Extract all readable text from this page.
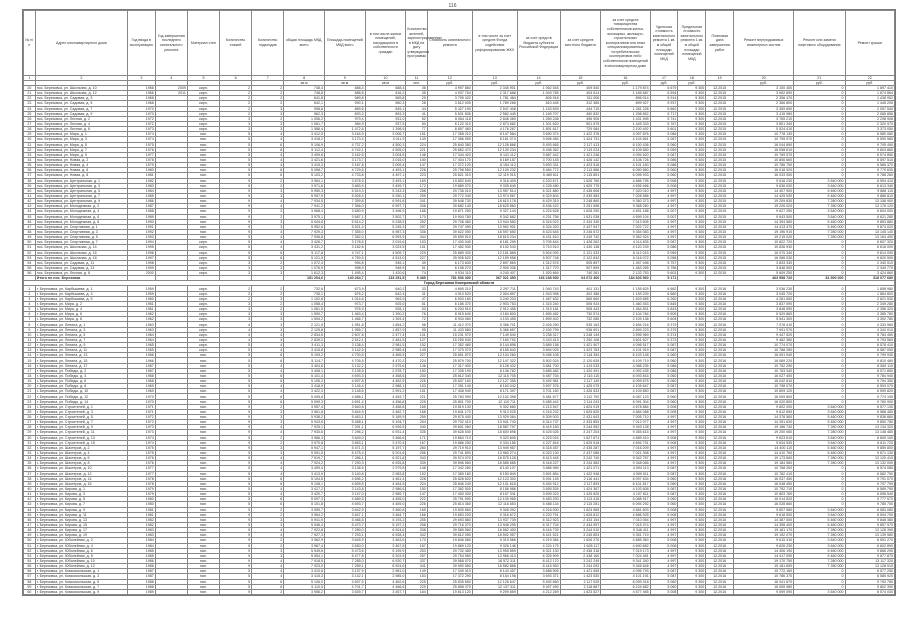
116
№ п/п	Адрес многоквартирного дома	Год ввода в эксплуатацию	Год завершения последнего капитального ремонта	Материал стен	Количество этажей	Количество подъездов	общая площадь МКД, всего	Площадь помещений МКД всего	в том числе жилых помещений, находящихся в собственности граждан	Количество жителей, зарегистрированных в МКД на дату утверждения программы	Стоимость капитального ремонта	в том числе за счет средств Фонда содействия реформированию ЖКХ	за счет средств бюджета субъекта Российской Федерации	за счет средств местного бюджета	за счет средств товарищества собственников жилья, жилищных, жилищно-строительных кооперативов или иных специализированных потребительских кооперативов либо собственников помещений в многоквартирном доме	Удельная стоимость капитального ремонта 1 кв. м общей площади помещений МКД	Предельная стоимость капитального ремонта 1 кв. м общей площади помещений МКД	Плановая дата завершения работ	Ремонт внутридомовых инженерных систем	Ремонт или замена лифтового оборудования	Ремонт крыши
1	2	3	4	5	6	7	8	9	10	11	12	13	14	15	16	17	18	19	20	21	22
							кв.м	кв.м	кв.м	чел.	руб.	руб.	руб.	руб.	руб.	руб.	руб.		руб.	руб.	руб.
20	пос. Березовка, ул. Школьная, д. 10	1966	2009	кирп.	2	2	748,4	688,4	688,4	36	4 997 860	2 345 901	1 062 545	409 540	1 179 874	6 679	9 300	12.2015	3 100 450	0	1 897 410
21	пос. Березовка, ул. Школьная, д. 12	1966	2011	кирп.	2	2	748,8	688,8	616,2	35	4 937 754	2 317 688	1 049 765	404 614	1 165 687	6 594	9 300	12.2015	3 062 890	0	1 874 864
22	пос. Березовка, ул. Садовая, д. 3	1968		кирп.	2	2	641,8	589,8	589,8	29	3 795 422	1 781 484	806 918	311 006	896 014	5 914	9 300	12.2015	2 356 470	0	1 438 952
23	пос. Березовка, ул. Садовая, д. 5	1968		кирп.	2	2	642,1	590,1	560,3	28	3 812 005	1 789 268	810 445	312 365	899 927	5 937	9 300	12.2015	2 366 800	0	1 445 205
24	пос. Березовка, ул. Садовая, д. 7	1970		кирп.	2	3	958,6	889,6	845,1	44	5 427 190	2 547 408	1 153 839	444 715	1 281 228	5 662	9 300	12.2015	3 369 650	0	2 057 540
25	пос. Березовка, ул. Садовая, д. 9	1970		кирп.	2	3	962,3	893,3	893,3	41	5 501 836	2 582 445	1 169 707	450 832	1 298 852	5 717	9 300	12.2015	3 415 980	0	2 085 856
26	пос. Березовка, ул. Лесная, д. 2	1972		кирп.	3	2	1 056,2	979,4	931,0	52	6 064 118	2 846 369	1 289 248	496 906	1 431 595	5 741	9 300	12.2015	3 765 210	0	2 298 908
27	пос. Березовка, ул. Лесная, д. 4	1972		кирп.	3	2	1 061,7	984,9	937,5	50	6 122 310	2 873 682	1 301 620	501 675	1 445 333	5 767	9 300	12.2015	3 801 340	0	2 320 970
28	пос. Березовка, ул. Лесная, д. 6	1973		кирп.	3	3	1 588,4	1 472,6	1 398,9	77	8 897 460	4 176 267	1 891 617	729 084	2 100 492	5 601	9 300	12.2015	5 524 410	0	3 373 050
29	пос. Березовка, ул. Мира, д. 1	1974		пан.	5	4	3 412,5	3 164,9	3 006,7	151	17 358 210	8 147 584	3 690 374	1 422 376	4 097 876	5 086	9 300	12.2015	10 778 130	0	6 580 080
30	пос. Березовка, ул. Мира, д. 3	1974		пан.	5	4	3 418,2	3 170,4	3 011,9	149	17 386 950	8 161 074	3 696 484	1 424 731	4 104 661	5 087	9 300	12.2015	10 795 970	0	6 590 980
31	пос. Березовка, ул. Мира, д. 5	1975		пан.	5	6	5 106,9	4 737,2	4 500,3	224	25 840 380	12 128 866	5 493 665	2 117 413	6 100 436	5 060	9 300	12.2015	16 044 890	0	9 795 490
32	пос. Березовка, ул. Мира, д. 7	1976		пан.	5	6	5 112,4	4 742,1	4 505,0	221	25 862 470	12 139 234	5 498 362	2 119 224	6 105 650	5 059	9 300	12.2015	16 058 610	0	9 803 860
33	пос. Березовка, ул. Мира, д. 9	1977		пан.	5	4	3 409,8	3 162,6	3 004,5	148	17 344 420	8 141 112	3 687 442	1 421 246	4 094 620	5 087	9 300	12.2015	10 769 570	0	6 574 850
34	пос. Березовка, ул. Новая, д. 2	1978		пан.	5	4	3 421,6	3 173,7	3 015,0	150	17 404 170	8 169 157	3 700 145	1 426 142	4 108 726	5 086	9 300	12.2015	10 806 660	0	6 597 510
35	пос. Березовка, ул. Новая, д. 4	1979		пан.	5	4	3 415,3	3 167,8	3 009,4	147	17 372 120	8 154 113	3 693 331	1 423 516	4 101 160	5 086	9 300	12.2015	10 786 750	0	6 585 370
36	пос. Березовка, ул. Новая, д. 6	1980		пан.	5	6	5 098,7	4 729,6	4 493,1	226	25 798 550	12 109 232	5 484 772	2 113 986	6 090 560	5 060	9 300	12.2015	16 018 920	0	9 779 630
37	пос. Березовка, ул. Новая, д. 8	1981		пан.	5	6	5 103,2	4 733,8	4 497,1	223	25 821 310	12 119 915	5 489 611	2 115 851	6 095 933	5 060	9 300	12.2015	16 033 050	0	9 788 260
38	пос. Березовка, ул. Центральная, д. 1	1982		пан.	9	2	3 964,1	3 676,9	3 493,1	169	19 852 640	9 318 409	4 220 671	1 626 765	4 686 795	5 008	9 300	12.2015	9 618 230	3 640 000	6 594 410
39	пос. Березовка, ул. Центральная, д. 3	1983		пан.	9	2	3 971,6	3 683,9	3 499,7	172	19 889 370	9 335 649	4 228 480	1 629 775	4 695 466	5 008	9 300	12.2015	9 636 030	3 640 000	6 613 340
40	пос. Березовка, ул. Центральная, д. 5	1984		пан.	9	3	5 950,3	5 519,3	5 243,3	258	29 736 010	13 957 514	6 321 880	2 436 606	7 020 010	4 997	9 300	12.2015	14 407 900	5 460 000	9 868 110
41	пос. Березовка, ул. Центральная, д. 7	1985		пан.	9	3	5 957,9	5 526,4	5 250,1	255	29 772 340	13 974 567	6 329 604	2 439 583	7 028 586	4 997	9 300	12.2015	14 425 530	5 460 000	9 886 810
42	пос. Березовка, ул. Центральная, д. 9	1986		пан.	9	4	7 934,5	7 359,8	6 991,8	341	39 648 730	18 610 178	8 429 319	3 248 860	9 360 373	4 997	9 300	12.2015	19 209 830	7 280 000	13 158 900
43	пос. Березовка, ул. Молодежная, д. 2	1987		пан.	9	4	7 941,2	7 366,0	6 997,7	338	39 682 140	18 625 860	8 436 422	3 251 598	9 368 260	4 997	9 300	12.2015	19 226 020	7 280 000	13 176 120
44	пос. Березовка, ул. Молодежная, д. 4	1988		пан.	9	2	3 968,4	3 680,9	3 496,9	166	19 871 250	9 327 144	4 224 628	1 628 290	4 691 188	5 007	9 300	12.2015	9 627 250	3 640 000	6 604 000
45	пос. Березовка, ул. Молодежная, д. 6	1989		пан.	9	2	3 975,1	3 687,1	3 502,7	170	19 904 780	9 342 882	4 231 756	1 631 038	4 699 104	5 007	9 300	12.2015	9 643 500	3 640 000	6 621 280
46	пос. Березовка, ул. Молодежная, д. 8	1990		пан.	9	3	5 944,8	5 514,2	5 238,5	252	29 708 460	13 944 583	6 316 023	2 434 349	7 013 505	4 997	9 300	12.2015	14 394 580	5 460 000	9 853 880
47	пос. Березовка, ул. Спортивная, д. 1	1991		пан.	9	3	5 952,6	5 521,4	5 245,3	257	29 747 490	13 962 901	6 324 320	2 437 547	7 022 722	4 997	9 300	12.2015	14 413 470	5 460 000	9 874 020
48	пос. Березовка, ул. Спортивная, д. 3	1992		пан.	9	4	7 929,3	7 355,0	6 987,3	336	39 622 050	18 597 650	8 423 645	3 246 672	9 354 083	4 997	9 300	12.2015	19 196 910	7 280 000	13 145 140
49	пос. Березовка, ул. Спортивная, д. 5	1993		пан.	9	4	7 936,8	7 362,0	6 993,9	344	39 659 510	18 615 234	8 431 610	3 249 742	9 362 924	4 997	9 300	12.2015	19 215 020	7 280 000	13 164 490
50	пос. Березовка, ул. Спортивная, д. 7	1994		кирп.	5	4	3 426,7	3 178,5	3 019,6	153	17 430 040	8 181 299	3 705 644	1 428 262	4 114 835	5 087	9 300	12.2015	10 822 720	0	6 607 320
51	пос. Березовка, ул. Школьная, д. 14	1995		кирп.	5	4	3 431,2	3 182,6	3 023,5	151	17 452 930	8 192 043	3 710 510	1 430 138	4 120 239	5 086	9 300	12.2015	10 836 930	0	6 616 000
52	пос. Березовка, ул. Школьная, д. 16	1996		кирп.	5	6	5 117,8	4 747,1	4 509,7	229	25 889 430	12 151 889	5 504 093	2 121 433	6 112 015	5 059	9 300	12.2015	16 075 340	0	9 814 090
53	пос. Березовка, ул. Школьная, д. 18	1997		кирп.	5	6	5 121,5	4 750,5	4 513,0	227	25 906 620	12 159 958	5 507 748	2 122 842	6 116 072	5 058	9 300	12.2015	16 086 030	0	9 820 590
54	пос. Березовка, ул. Садовая, д. 11	1998		кирп.	3	2	1 072,4	994,8	945,1	49	6 173 840	2 897 869	1 312 576	505 897	1 457 498	5 757	9 300	12.2015	3 833 330	0	2 340 510
55	пос. Березовка, ул. Садовая, д. 13	1999		кирп.	3	2	1 076,9	998,9	948,9	51	6 198 270	2 909 336	1 317 770	507 899	1 463 265	5 756	9 300	12.2015	3 848 500	0	2 349 770
56	пос. Березовка, ул. Лесная, д. 8	2000		кирп.	3	3	1 612,3	1 495,4	1 420,6	74	9 034 110	4 240 407	1 920 669	740 281	2 132 753	5 603	9 300	12.2015	5 609 250	0	3 424 860
	Итого по пос. Березовка						151 204,6	140 264,7	133 251,5	6 485	781 936 400	367 021 450	166 238 930	64 072 460	184 603 560	5 171			463 958 720	81 900 000	318 077 680
Город Березовка Кемеровской области																					
1	г. Березовка, ул. Карбышева, д. 1	1959		кирп.	2	2	732,6	673,9	640,2	33	4 895 210	2 297 711	1 040 743	401 131	1 155 625	6 682	9 300	12.2016	3 036 230	0	1 858 980
2	г. Березовка, ул. Карбышева, д. 3	1959		кирп.	2	2	735,1	676,2	642,4	31	4 910 520	2 304 897	1 043 998	402 386	1 159 239	6 680	9 300	12.2016	3 045 720	0	1 864 800
3	г. Березовка, ул. Карбышева, д. 5	1960		кирп.	2	3	1 102,8	1 014,6	963,9	47	6 903 180	3 240 203	1 467 632	565 660	1 629 685	6 260	9 300	12.2016	4 281 650	0	2 621 530
4	г. Березовка, ул. Мира, д. 2	1961		кирп.	3	2	1 058,4	973,7	925,0	51	6 186 370	2 903 753	1 315 240	506 924	1 460 453	5 845	9 300	12.2016	3 837 090	0	2 349 280
5	г. Березовка, ул. Мира, д. 4	1961		кирп.	3	2	1 061,9	976,9	928,1	53	6 204 910	2 912 455	1 319 181	508 443	1 464 831	5 843	9 300	12.2016	3 848 590	0	2 356 320
6	г. Березовка, ул. Мира, д. 6	1962		кирп.	3	3	1 590,7	1 463,4	1 390,2	76	8 915 640	4 184 800	1 895 482	730 574	2 104 784	5 605	9 300	12.2016	5 529 860	0	3 385 780
7	г. Березовка, ул. Мира, д. 8	1962		кирп.	3	3	1 594,2	1 466,7	1 393,4	72	8 934 080	4 193 455	1 899 402	732 085	2 109 138	5 604	9 300	12.2016	5 541 300	0	3 392 780
8	г. Березовка, ул. Ленина, д. 1	1963		кирп.	4	3	2 121,5	1 951,8	1 854,2	98	11 412 370	5 356 701	2 426 290	935 163	2 694 216	5 379	9 300	12.2016	7 078 410	0	4 333 960
9	г. Березовка, ул. Ленина, д. 3	1963		кирп.	4	3	2 125,8	1 955,7	1 857,9	95	11 433 580	5 366 657	2 430 799	936 901	2 699 223	5 379	9 300	12.2016	7 091 570	0	4 342 010
10	г. Березовка, ул. Ленина, д. 5	1964		кирп.	4	4	2 834,6	2 607,8	2 477,4	131	15 231 970	7 149 540	3 238 317	1 248 144	3 595 969	5 374	9 300	12.2016	9 447 520	0	5 784 450
11	г. Березовка, ул. Ленина, д. 7	1964		кирп.	4	4	2 839,2	2 612,1	2 481,5	127	15 255 940	7 160 792	3 243 413	1 250 108	3 601 627	5 373	9 300	12.2016	9 462 380	0	5 793 560
12	г. Березовка, ул. Ленина, д. 9	1965		кирп.	5	4	3 411,3	3 138,4	2 981,5	152	17 352 480	8 144 898	3 689 158	1 421 907	4 096 517	5 087	9 300	12.2016	10 774 070	0	6 578 410
13	г. Березовка, ул. Ленина, д. 11	1965		кирп.	5	4	3 415,8	3 142,5	2 985,4	149	17 375 370	8 155 643	3 694 025	1 423 783	4 101 919	5 087	9 300	12.2016	10 788 280	0	6 587 090
14	г. Березовка, ул. Ленина, д. 13	1966		пан.	5	6	5 109,2	4 700,5	4 465,5	227	25 851 870	12 134 260	5 496 108	2 118 354	6 103 148	5 060	9 300	12.2016	16 051 940	0	9 799 930
15	г. Березовка, ул. Ленина, д. 15	1966		пан.	5	6	5 114,7	4 705,5	4 470,2	224	25 879 700	12 147 322	5 502 024	2 120 635	6 109 719	5 060	9 300	12.2016	16 069 220	0	9 810 480
16	г. Березовка, ул. Ленина, д. 17	1967		пан.	5	4	3 404,6	3 132,2	2 975,6	146	17 317 400	8 128 432	3 681 700	1 419 033	4 088 235	5 086	9 300	12.2016	10 752 290	0	6 565 110
17	г. Березовка, ул. Победы, д. 2	1967		пан.	5	4	3 408,1	3 135,5	2 978,7	150	17 335 190	8 136 782	3 685 482	1 420 491	4 092 435	5 086	9 300	12.2016	10 763 340	0	6 571 850
18	г. Березовка, ул. Победы, д. 4	1968		пан.	5	6	5 101,4	4 693,3	4 458,6	230	25 812 340	12 115 705	5 487 704	2 115 115	6 093 816	5 060	9 300	12.2016	16 027 400	0	9 784 940
19	г. Березовка, ул. Победы, д. 6	1968		пан.	5	6	5 106,3	4 697,8	4 462,9	226	25 837 160	12 127 355	5 492 981	2 117 149	6 099 675	5 060	9 300	12.2016	16 042 810	0	9 794 350
20	г. Березовка, ул. Победы, д. 8	1969		пан.	5	4	3 418,9	3 145,4	2 988,1	153	17 391 140	8 163 042	3 697 376	1 425 075	4 105 647	5 087	9 300	12.2016	10 798 070	0	6 593 070
21	г. Березовка, ул. Победы, д. 10	1969		пан.	5	4	3 422,4	3 148,6	2 991,2	151	17 408 940	8 171 397	3 701 160	1 426 533	4 109 850	5 087	9 300	12.2016	10 809 120	0	6 599 820
22	г. Березовка, ул. Победы, д. 12	1970		пан.	5	6	5 095,8	4 688,1	4 453,7	221	25 783 990	12 102 398	5 481 677	2 112 792	6 087 123	5 060	9 300	12.2016	16 009 800	0	9 774 190
23	г. Березовка, ул. Победы, д. 14	1970		пан.	5	6	5 099,3	4 691,4	4 456,8	225	25 801 700	12 110 711	5 485 442	2 114 243	6 091 304	5 060	9 300	12.2016	16 020 800	0	9 780 900
24	г. Березовка, ул. Строителей, д. 1	1971		пан.	9	2	3 957,4	3 640,8	3 458,8	165	19 819 130	9 302 680	4 213 547	1 624 019	4 678 884	5 008	9 300	12.2016	9 602 000	3 640 000	6 577 130
25	г. Березовка, ул. Строителей, д. 3	1971		пан.	9	2	3 961,8	3 644,9	3 462,7	168	19 841 170	9 313 025	4 218 232	1 625 825	4 684 088	5 008	9 300	12.2016	9 612 690	3 640 000	6 588 480
26	г. Березовка, ул. Строителей, д. 5	1972		пан.	9	3	5 938,2	5 463,1	5 189,9	259	29 675 440	13 929 084	6 309 003	2 431 643	7 005 710	4 997	9 300	12.2016	14 378 560	5 460 000	9 836 880
27	г. Березовка, ул. Строителей, д. 7	1972		пан.	9	3	5 943,6	5 468,1	5 194,7	254	29 702 410	13 941 743	6 314 737	2 433 853	7 012 077	4 997	9 300	12.2016	14 391 630	5 460 000	9 850 780
28	г. Березовка, ул. Строителей, д. 9	1973		пан.	9	4	7 925,1	7 291,1	6 926,5	340	39 601 060	18 587 797	8 419 183	3 244 952	9 349 128	4 997	9 300	12.2016	19 186 740	7 280 000	13 134 320
29	г. Березовка, ул. Строителей, д. 11	1973		пан.	9	4	7 930,6	7 296,2	6 931,4	335	39 628 540	18 600 696	8 425 025	3 247 204	9 355 615	4 997	9 300	12.2016	19 200 060	7 280 000	13 148 480
30	г. Березовка, ул. Строителей, д. 13	1974		пан.	9	2	3 966,3	3 649,0	3 466,6	171	19 863 710	9 323 605	4 223 024	1 627 671	4 689 410	5 008	9 300	12.2016	9 623 610	3 640 000	6 600 100
31	г. Березовка, ул. Строителей, д. 15	1974		пан.	9	2	3 970,8	3 653,1	3 470,4	167	19 886 250	9 334 185	4 227 816	1 629 518	4 694 731	5 008	9 300	12.2016	9 634 530	3 640 000	6 611 720
32	г. Березовка, ул. Шахтеров, д. 2	1975		пан.	9	3	5 947,1	5 471,3	5 197,7	260	29 719 910	13 949 957	6 318 457	2 435 287	7 016 209	4 997	9 300	12.2016	14 400 110	5 460 000	9 859 800
33	г. Березовка, ул. Шахтеров, д. 4	1975		пан.	9	3	5 951,5	5 475,4	5 201,6	256	29 741 890	13 960 274	6 323 130	2 437 088	7 021 398	4 997	9 300	12.2016	14 410 760	5 460 000	9 871 130
34	г. Березовка, ул. Шахтеров, д. 6	1976		пан.	9	4	7 919,7	7 286,1	6 921,8	343	39 574 070	18 575 128	8 413 445	3 242 740	9 342 757	4 997	9 300	12.2016	19 173 660	7 280 000	13 120 410
35	г. Березовка, ул. Шахтеров, д. 8	1976		пан.	9	4	7 924,2	7 290,3	6 925,8	339	39 596 560	18 585 685	8 418 227	3 244 583	9 348 065	4 997	9 300	12.2016	19 184 560	7 280 000	13 132 000
36	г. Березовка, ул. Шахтеров, д. 10	1977		пан.	5	4	3 409,4	3 136,6	2 979,8	148	17 342 280	8 140 107	3 686 989	1 421 071	4 094 113	5 087	9 300	12.2016	10 768 200	0	6 574 080
37	г. Березовка, ул. Шахтеров, д. 12	1977		пан.	5	4	3 413,9	3 140,8	2 983,8	152	17 365 160	8 150 849	3 691 854	1 422 946	4 099 511	5 087	9 300	12.2016	10 782 410	0	6 582 750
38	г. Березовка, ул. Шахтеров, д. 14	1978		пан.	5	6	5 104,6	4 696,2	4 461,4	228	25 828 520	12 123 300	5 491 145	2 116 441	6 097 634	5 060	9 300	12.2016	16 037 450	0	9 791 070
39	г. Березовка, ул. Шахтеров, д. 16	1978		пан.	5	6	5 108,1	4 699,5	4 464,5	224	25 846 240	12 131 618	5 494 912	2 117 893	6 101 817	5 060	9 300	12.2016	16 048 450	0	9 797 790
40	г. Березовка, ул. Кирова, д. 1	1979		пан.	5	4	3 417,2	3 143,8	2 986,6	150	17 382 500	8 158 986	3 695 539	1 424 367	4 103 608	5 087	9 300	12.2016	10 792 710	0	6 589 790
41	г. Березовка, ул. Кирова, д. 3	1979		пан.	5	4	3 420,7	3 147,0	2 989,7	147	17 400 300	8 167 341	3 699 323	1 425 825	4 107 811	5 087	9 300	12.2016	10 803 760	0	6 596 540
42	г. Березовка, ул. Кирова, д. 5	1980		пан.	5	6	5 097,3	4 689,5	4 455,0	222	25 791 590	12 105 965	5 483 293	2 113 415	6 088 917	5 060	9 300	12.2016	16 014 520	0	9 777 070
43	г. Березовка, ул. Кирова, д. 7	1980		пан.	5	6	5 101,8	4 693,7	4 459,0	226	25 814 360	12 116 653	5 488 134	2 115 281	6 094 292	5 060	9 300	12.2016	16 028 660	0	9 785 700
44	г. Березовка, ул. Кирова, д. 9	1981		пан.	9	2	3 959,7	3 642,9	3 460,8	169	19 830 660	9 308 092	4 216 000	1 624 965	4 681 603	5 008	9 300	12.2016	9 607 580	3 640 000	6 583 080
45	г. Березовка, ул. Кирова, д. 11	1981		пан.	9	2	3 964,2	3 647,1	3 464,7	166	19 853 200	9 318 672	4 220 791	1 626 812	4 686 925	5 008	9 300	12.2016	9 618 500	3 640 000	6 594 700
46	г. Березовка, ул. Кирова, д. 13	1982		пан.	9	3	5 941,9	5 466,5	5 193,2	255	29 693 880	13 937 739	6 312 923	2 433 154	7 010 064	4 997	9 300	12.2016	14 387 500	5 460 000	9 846 380
47	г. Березовка, ул. Кирова, д. 15	1982		пан.	9	3	5 946,4	5 470,7	5 197,2	258	29 716 370	13 948 295	6 317 704	2 434 997	7 015 374	4 997	9 300	12.2016	14 398 400	5 460 000	9 857 970
48	г. Березовка, ул. Кирова, д. 17	1983		пан.	9	4	7 922,8	7 289,0	6 924,6	338	39 589 560	18 582 400	8 416 739	3 244 010	9 346 411	4 997	9 300	12.2016	19 181 170	7 280 000	13 128 390
49	г. Березовка, ул. Кирова, д. 19	1983		пан.	9	4	7 927,3	7 293,1	6 928,4	342	39 612 050	18 592 957	8 421 521	3 245 853	9 351 719	4 997	9 300	12.2016	19 192 070	7 280 000	13 139 980
50	г. Березовка, ул. Юбилейная, д. 2	1984		пан.	9	2	3 962,9	3 645,9	3 463,6	170	19 846 580	9 315 566	4 219 384	1 626 270	4 685 360	5 008	9 300	12.2016	9 615 310	3 640 000	6 591 270
51	г. Березовка, ул. Юбилейная, д. 4	1984		пан.	9	2	3 967,4	3 650,0	3 467,5	167	19 869 120	9 326 146	4 224 175	1 628 117	4 690 682	5 008	9 300	12.2016	9 626 230	3 640 000	6 602 890
52	г. Березовка, ул. Юбилейная, д. 6	1985		пан.	9	3	5 949,6	5 473,6	5 199,9	253	29 732 480	13 955 859	6 321 130	2 436 318	7 019 173	4 997	9 300	12.2016	14 406 190	5 460 000	9 866 290
53	г. Березовка, ул. Юбилейная, д. 8	1985		пан.	9	3	5 954,1	5 477,8	5 203,9	257	29 754 960	13 966 410	6 325 909	2 438 160	7 024 481	4 997	9 300	12.2016	14 417 090	5 460 000	9 877 870
54	г. Березовка, ул. Юбилейная, д. 10	1986		пан.	9	4	7 918,5	7 285,0	6 920,7	337	39 568 070	18 572 311	8 412 170	3 242 249	9 341 340	4 997	9 300	12.2016	19 170 750	7 280 000	13 117 320
55	г. Березовка, ул. Юбилейная, д. 12	1986		пан.	9	4	7 923,0	7 289,1	6 924,6	341	39 590 560	18 582 868	8 416 952	3 244 092	9 346 648	4 997	9 300	12.2016	19 181 650	7 280 000	13 128 910
56	г. Березовка, ул. Комсомольская, д. 1	1987		пан.	5	4	3 410,8	3 137,9	2 981,0	149	17 349 410	8 143 457	3 688 505	1 421 655	4 095 793	5 087	9 300	12.2016	10 772,160	0	6 577 250
57	г. Березовка, ул. Комсомольская, д. 3	1987		пан.	5	4	3 415,3	3 142,1	2 985,0	153	17 372 290	8 154 198	3 693 371	1 423 530	4 101 191	5 087	9 300	12.2016	10 786 370	0	6 585 920
58	г. Березовка, ул. Комсомольская, д. 5	1988		пан.	5	6	5 106,0	4 697,5	4 462,6	225	25 835 650	12 126 647	5 492 660	2 117 025	6 099 318	5 060	9 300	12.2016	16 041 870	0	9 793 780
59	г. Березовка, ул. Комсомольская, д. 7	1988		пан.	5	6	5 110,5	4 701,7	4 466,6	229	25 858 370	12 137 311	5 497 490	2 118 887	6 104 682	5 060	9 300	12.2016	16 055 980	0	9 802 390
60	г. Березовка, ул. Комсомольская, д. 9	1989		пан.	9	2	3 956,2	3 639,7	3 457,7	164	19 813 120	9 299 859	4 212 269	1 623 527	4 677 465	5 008	9 300	12.2016	9 599 090	3 640 000	6 574 030
